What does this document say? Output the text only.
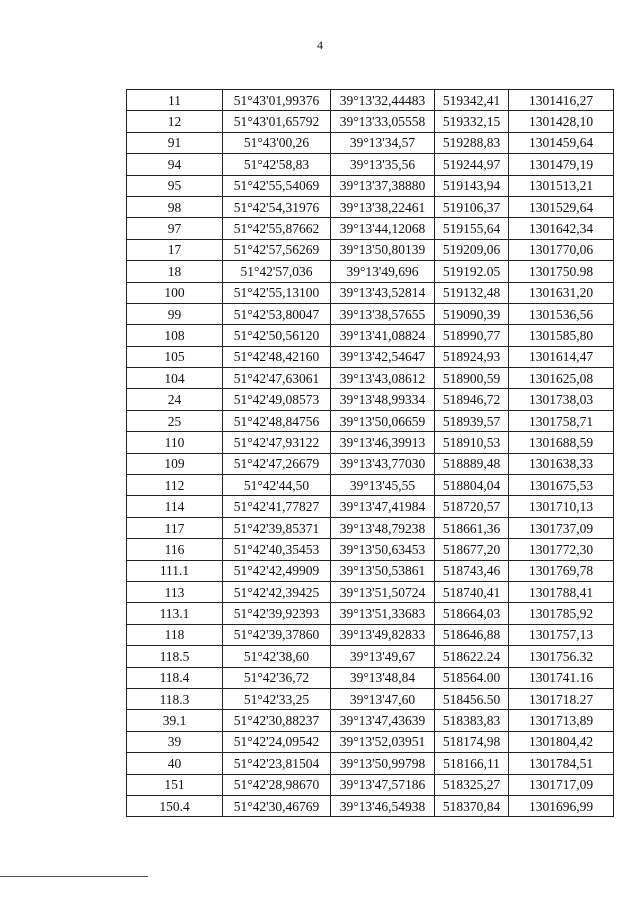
4
11	51°43'01,99376	39°13'32,44483	519342,41	1301416,27
12	51°43'01,65792	39°13'33,05558	519332,15	1301428,10
91	51°43'00,26	39°13'34,57	519288,83	1301459,64
94	51°42'58,83	39°13'35,56	519244,97	1301479,19
95	51°42'55,54069	39°13'37,38880	519143,94	1301513,21
98	51°42'54,31976	39°13'38,22461	519106,37	1301529,64
97	51°42'55,87662	39°13'44,12068	519155,64	1301642,34
17	51°42'57,56269	39°13'50,80139	519209,06	1301770,06
18	51°42'57,036	39°13'49,696	519192.05	1301750.98
100	51°42'55,13100	39°13'43,52814	519132,48	1301631,20
99	51°42'53,80047	39°13'38,57655	519090,39	1301536,56
108	51°42'50,56120	39°13'41,08824	518990,77	1301585,80
105	51°42'48,42160	39°13'42,54647	518924,93	1301614,47
104	51°42'47,63061	39°13'43,08612	518900,59	1301625,08
24	51°42'49,08573	39°13'48,99334	518946,72	1301738,03
25	51°42'48,84756	39°13'50,06659	518939,57	1301758,71
110	51°42'47,93122	39°13'46,39913	518910,53	1301688,59
109	51°42'47,26679	39°13'43,77030	518889,48	1301638,33
112	51°42'44,50	39°13'45,55	518804,04	1301675,53
114	51°42'41,77827	39°13'47,41984	518720,57	1301710,13
117	51°42'39,85371	39°13'48,79238	518661,36	1301737,09
116	51°42'40,35453	39°13'50,63453	518677,20	1301772,30
111.1	51°42'42,49909	39°13'50,53861	518743,46	1301769,78
113	51°42'42,39425	39°13'51,50724	518740,41	1301788,41
113.1	51°42'39,92393	39°13'51,33683	518664,03	1301785,92
118	51°42'39,37860	39°13'49,82833	518646,88	1301757,13
118.5	51°42'38,60	39°13'49,67	518622.24	1301756.32
118.4	51°42'36,72	39°13'48,84	518564.00	1301741.16
118.3	51°42'33,25	39°13'47,60	518456.50	1301718.27
39.1	51°42'30,88237	39°13'47,43639	518383,83	1301713,89
39	51°42'24,09542	39°13'52,03951	518174,98	1301804,42
40	51°42'23,81504	39°13'50,99798	518166,11	1301784,51
151	51°42'28,98670	39°13'47,57186	518325,27	1301717,09
150.4	51°42'30,46769	39°13'46,54938	518370,84	1301696,99
